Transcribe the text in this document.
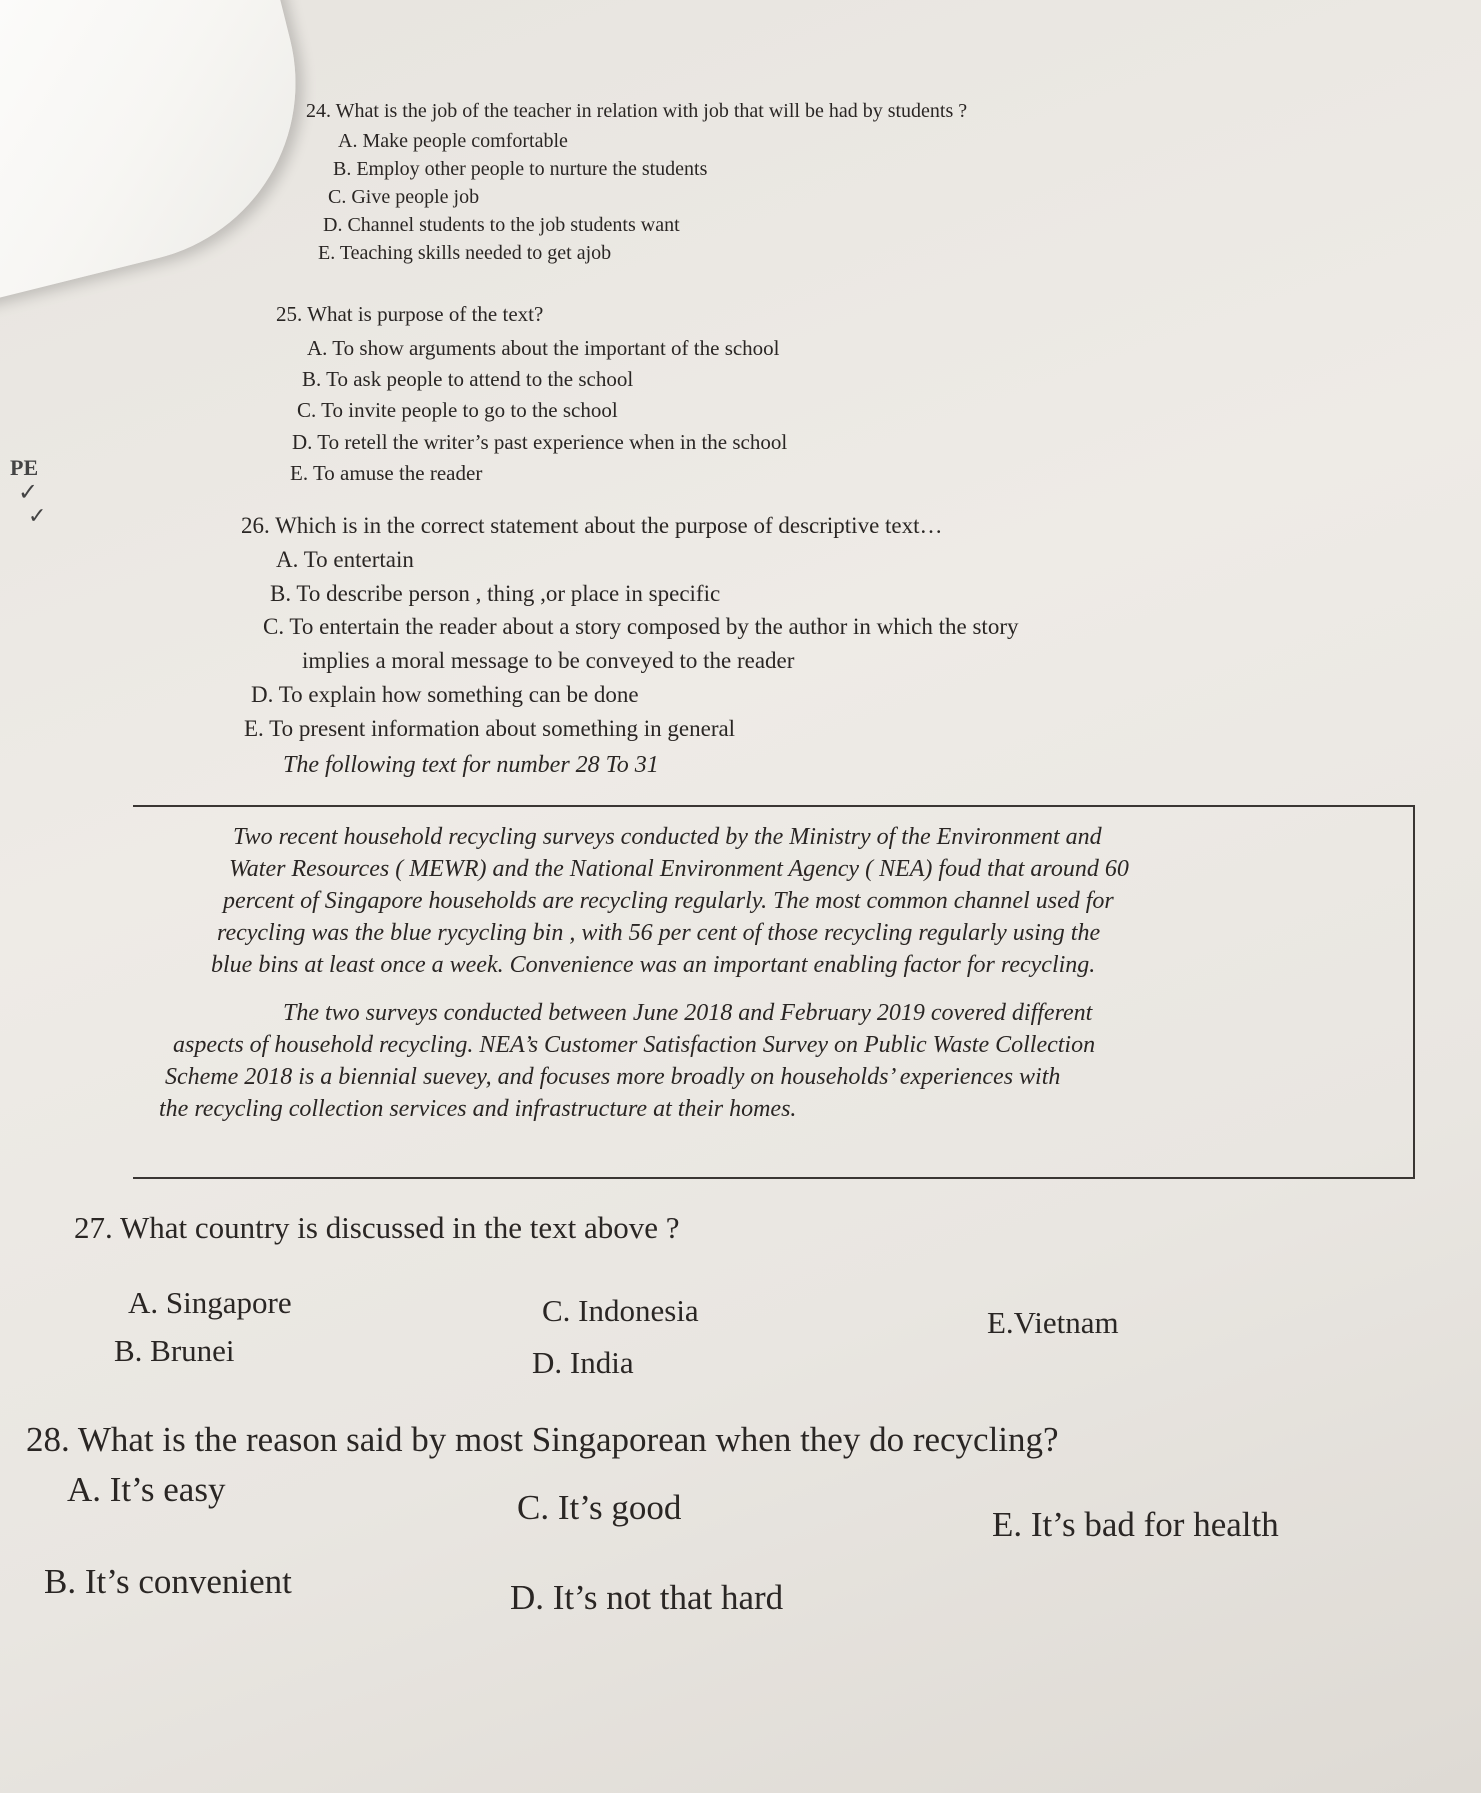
PE
✓
✓
24. What is the job of the teacher in relation with job that will be had by students ?
A. Make people comfortable
B. Employ other people to nurture the students
C. Give people job
D. Channel students to the job students want
E. Teaching skills needed to get ajob
25. What is purpose of the text?
A. To show arguments about the important of the school
B. To ask people to attend to the school
C. To invite people to go to the school
D. To retell the writer’s past experience when in the school
E. To amuse the reader
26. Which is in the correct statement about the purpose of descriptive text…
A. To entertain
B. To describe person , thing ,or place in specific
C. To entertain the reader about a story composed by the author in which the story
implies a moral message to be conveyed to the reader
D. To explain how something can be done
E. To present information about something in general
The following text for number 28 To 31
Two recent household recycling surveys conducted by the Ministry of the Environment and
Water Resources ( MEWR) and the National Environment Agency ( NEA) foud that around 60
percent of Singapore households are recycling regularly. The most common channel used for
recycling was the blue rycycling bin , with 56 per cent of those recycling regularly using the
blue bins at least once a week. Convenience was an important enabling factor for recycling.
The two surveys conducted between June 2018 and February 2019 covered different
aspects of household recycling. NEA’s Customer Satisfaction Survey on Public Waste Collection
Scheme 2018 is a biennial suevey, and focuses more broadly on households’ experiences with
the recycling collection services and infrastructure at their homes.
27. What country is discussed in the text above ?
A. Singapore
B. Brunei
C. Indonesia
D. India
E.Vietnam
28. What is the reason said by most Singaporean when they do recycling?
A. It’s easy
B. It’s convenient
C. It’s good
D. It’s not that hard
E. It’s bad for health
